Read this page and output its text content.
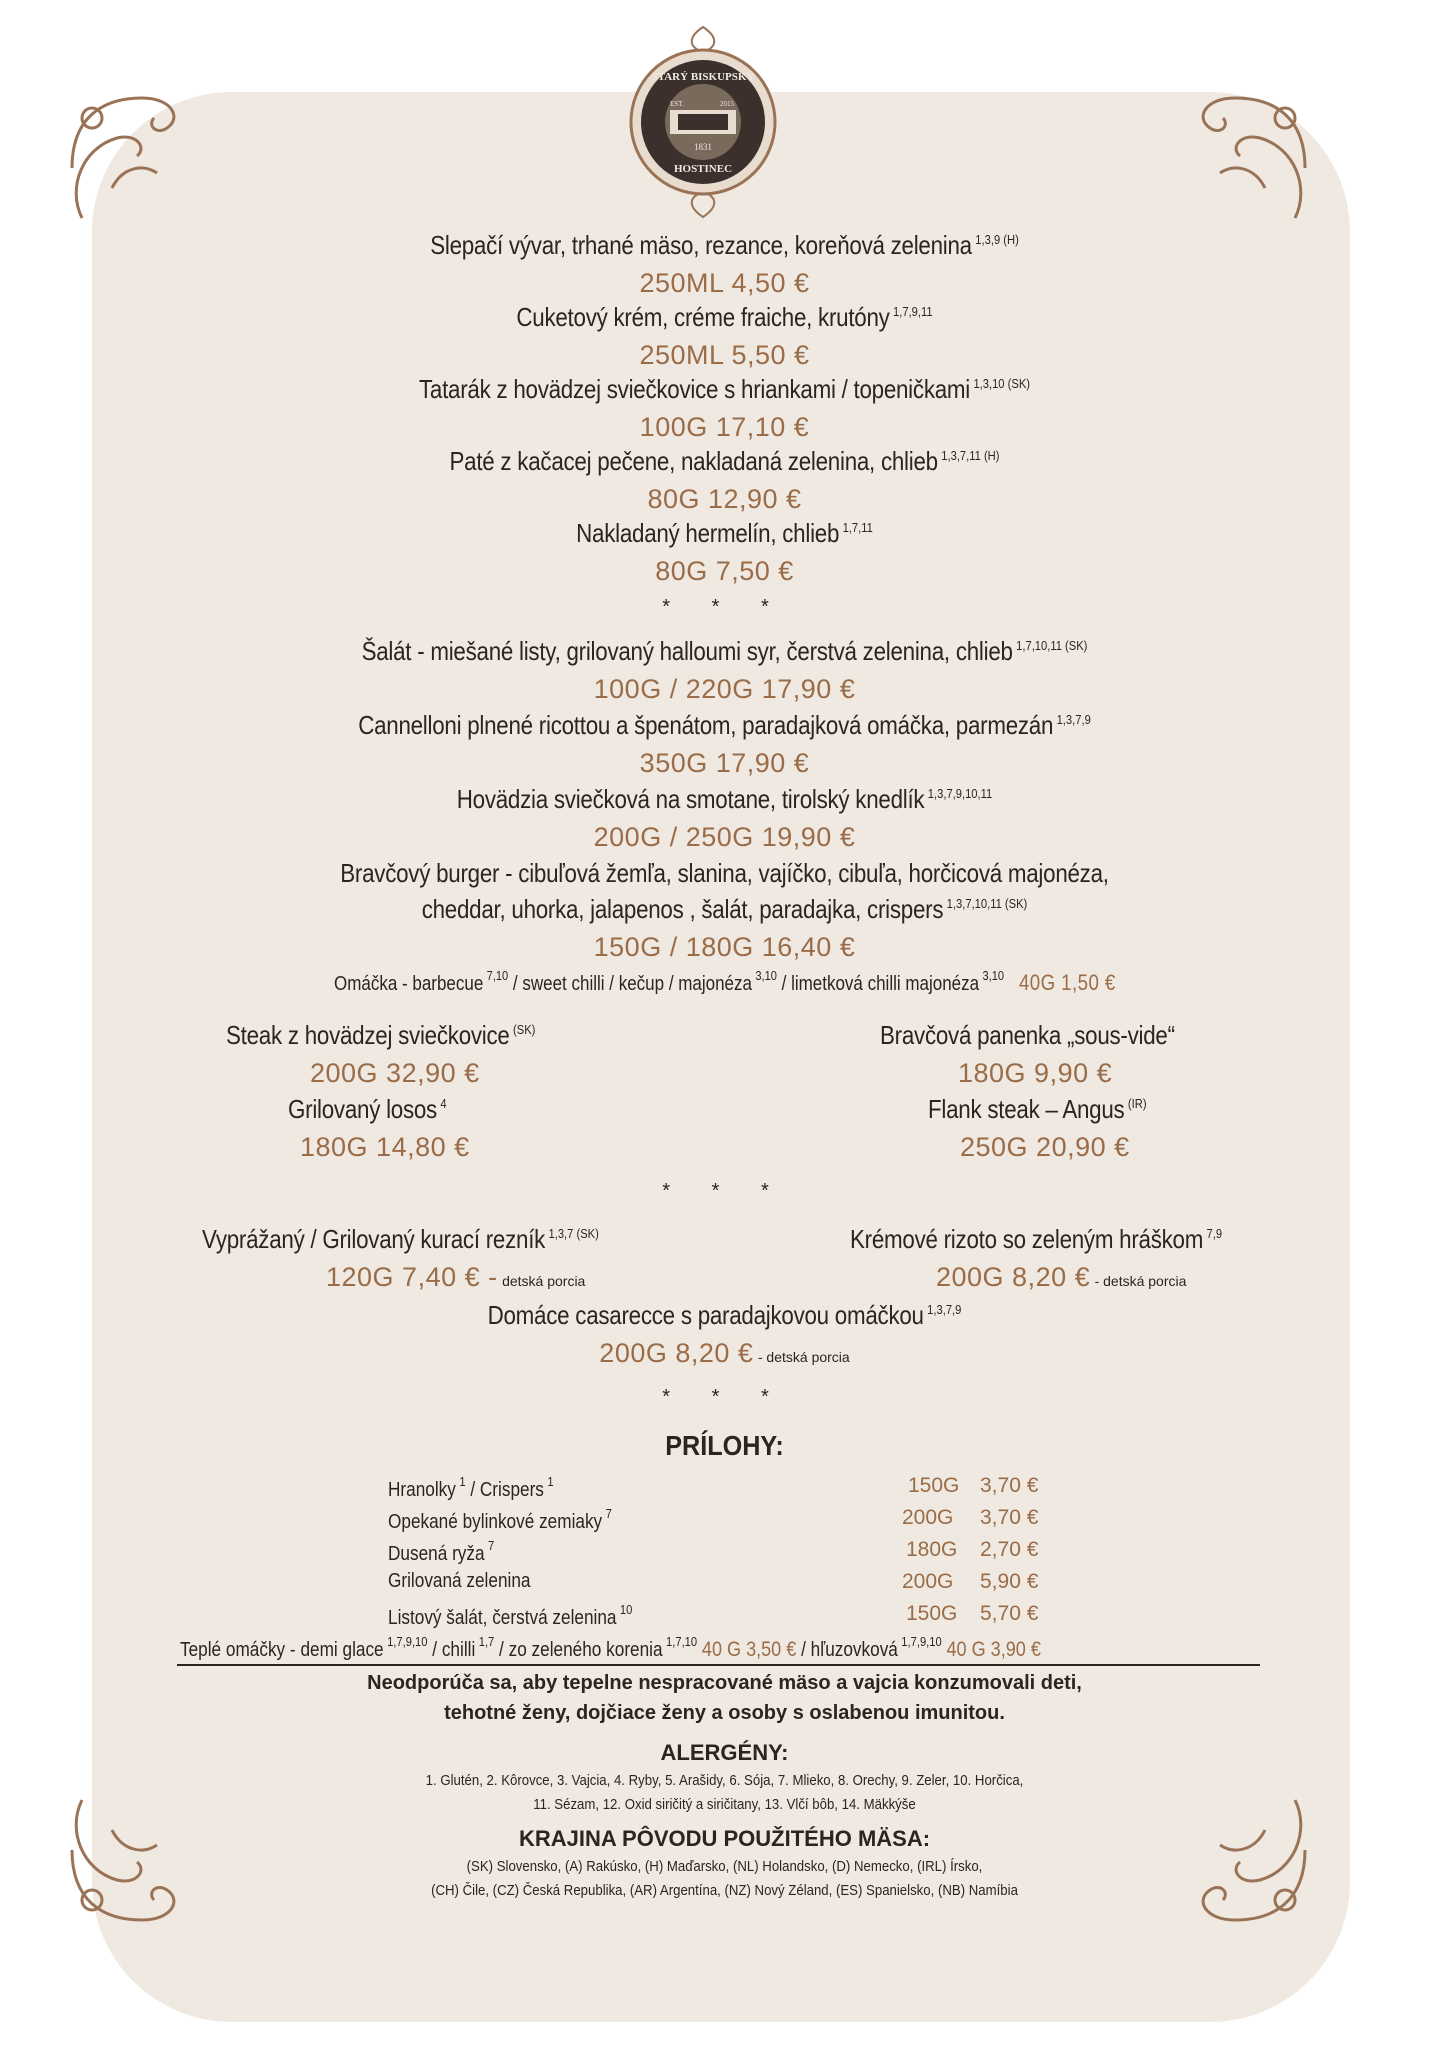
STARÝ BISKUPSKÝ
HOSTINEC
EST.	2015
1831
Slepačí vývar, trhané mäso, rezance, koreňová zelenina $^{1,3,9 (H)}$
250ML 4,50 €
Cuketový krém, créme fraiche, krutóny $^{1,7,9,11}$
250ML 5,50 €
Tatarák z hovädzej sviečkovice s hriankami / topeničkami $^{1,3,10 (SK)}$
100G 17,10 €
Paté z kačacej pečene, nakladaná zelenina, chlieb $^{1,3,7,11 (H)}$
80G 12,90 €
Nakladaný hermelín, chlieb $^{1,7,11}$
80G 7,50 €
* * *
Šalát - miešané listy, grilovaný halloumi syr, čerstvá zelenina, chlieb $^{1,7,10,11 (SK)}$
100G / 220G 17,90 €
Cannelloni plnené ricottou a špenátom, paradajková omáčka, parmezán $^{1,3,7,9}$
350G 17,90 €
Hovädzia sviečková na smotane, tirolský knedlík $^{1,3,7,9,10,11}$
200G / 250G 19,90 €
Bravčový burger - cibuľová žemľa, slanina, vajíčko, cibuľa, horčicová majonéza,
cheddar, uhorka, jalapenos , šalát, paradajka, crispers $^{1,3,7,10,11 (SK)}$
150G / 180G 16,40 €
Omáčka - barbecue $^{7,10}$ / sweet chilli / kečup / majonéza $^{3,10}$ / limetková chilli majonéza $^{3,10}$ 40G 1,50 €
Steak z hovädzej sviečkovice $^{(SK)}$
200G 32,90 €
Grilovaný losos $^4$
180G 14,80 €
Bravčová panenka „sous-vide“
180G 9,90 €
Flank steak – Angus $^{(IR)}$
250G 20,90 €
* * *
Vyprážaný / Grilovaný kurací rezník $^{1,3,7 (SK)}$
120G 7,40 € - detská porcia
Krémové rizoto so zeleným hráškom $^{7,9}$
200G 8,20 € - detská porcia
Domáce casarecce s paradajkovou omáčkou $^{1,3,7,9}$
200G 8,20 € - detská porcia
* * *
PRÍLOHY:
Hranolky $^1$ / Crispers $^1$	150G 3,70 €
Opekané bylinkové zemiaky $^7$	200G 3,70 €
Dusená ryža $^7$	180G 2,70 €
Grilovaná zelenina	200G 5,90 €
Listový šalát, čerstvá zelenina $^{10}$	150G 5,70 €
Teplé omáčky - demi glace $^{1,7,9,10}$ / chilli $^{1,7}$ / zo zeleného korenia $^{1,7,10}$ 40 G 3,50 € / hľuzovková $^{1,7,9,10}$ 40 G 3,90 €
Neodporúča sa, aby tepelne nespracované mäso a vajcia konzumovali deti,
tehotné ženy, dojčiace ženy a osoby s oslabenou imunitou.
ALERGÉNY:
1. Glutén, 2. Kôrovce, 3. Vajcia, 4. Ryby, 5. Arašidy, 6. Sója, 7. Mlieko, 8. Orechy, 9. Zeler, 10. Horčica,
11. Sézam, 12. Oxid siričitý a siričitany, 13. Vlčí bôb, 14. Mäkkýše
KRAJINA PÔVODU POUŽITÉHO MÄSA:
(SK) Slovensko, (A) Rakúsko, (H) Maďarsko, (NL) Holandsko, (D) Nemecko, (IRL) Írsko,
(CH) Čile, (CZ) Česká Republika, (AR) Argentína, (NZ) Nový Zéland, (ES) Spanielsko, (NB) Namíbia
